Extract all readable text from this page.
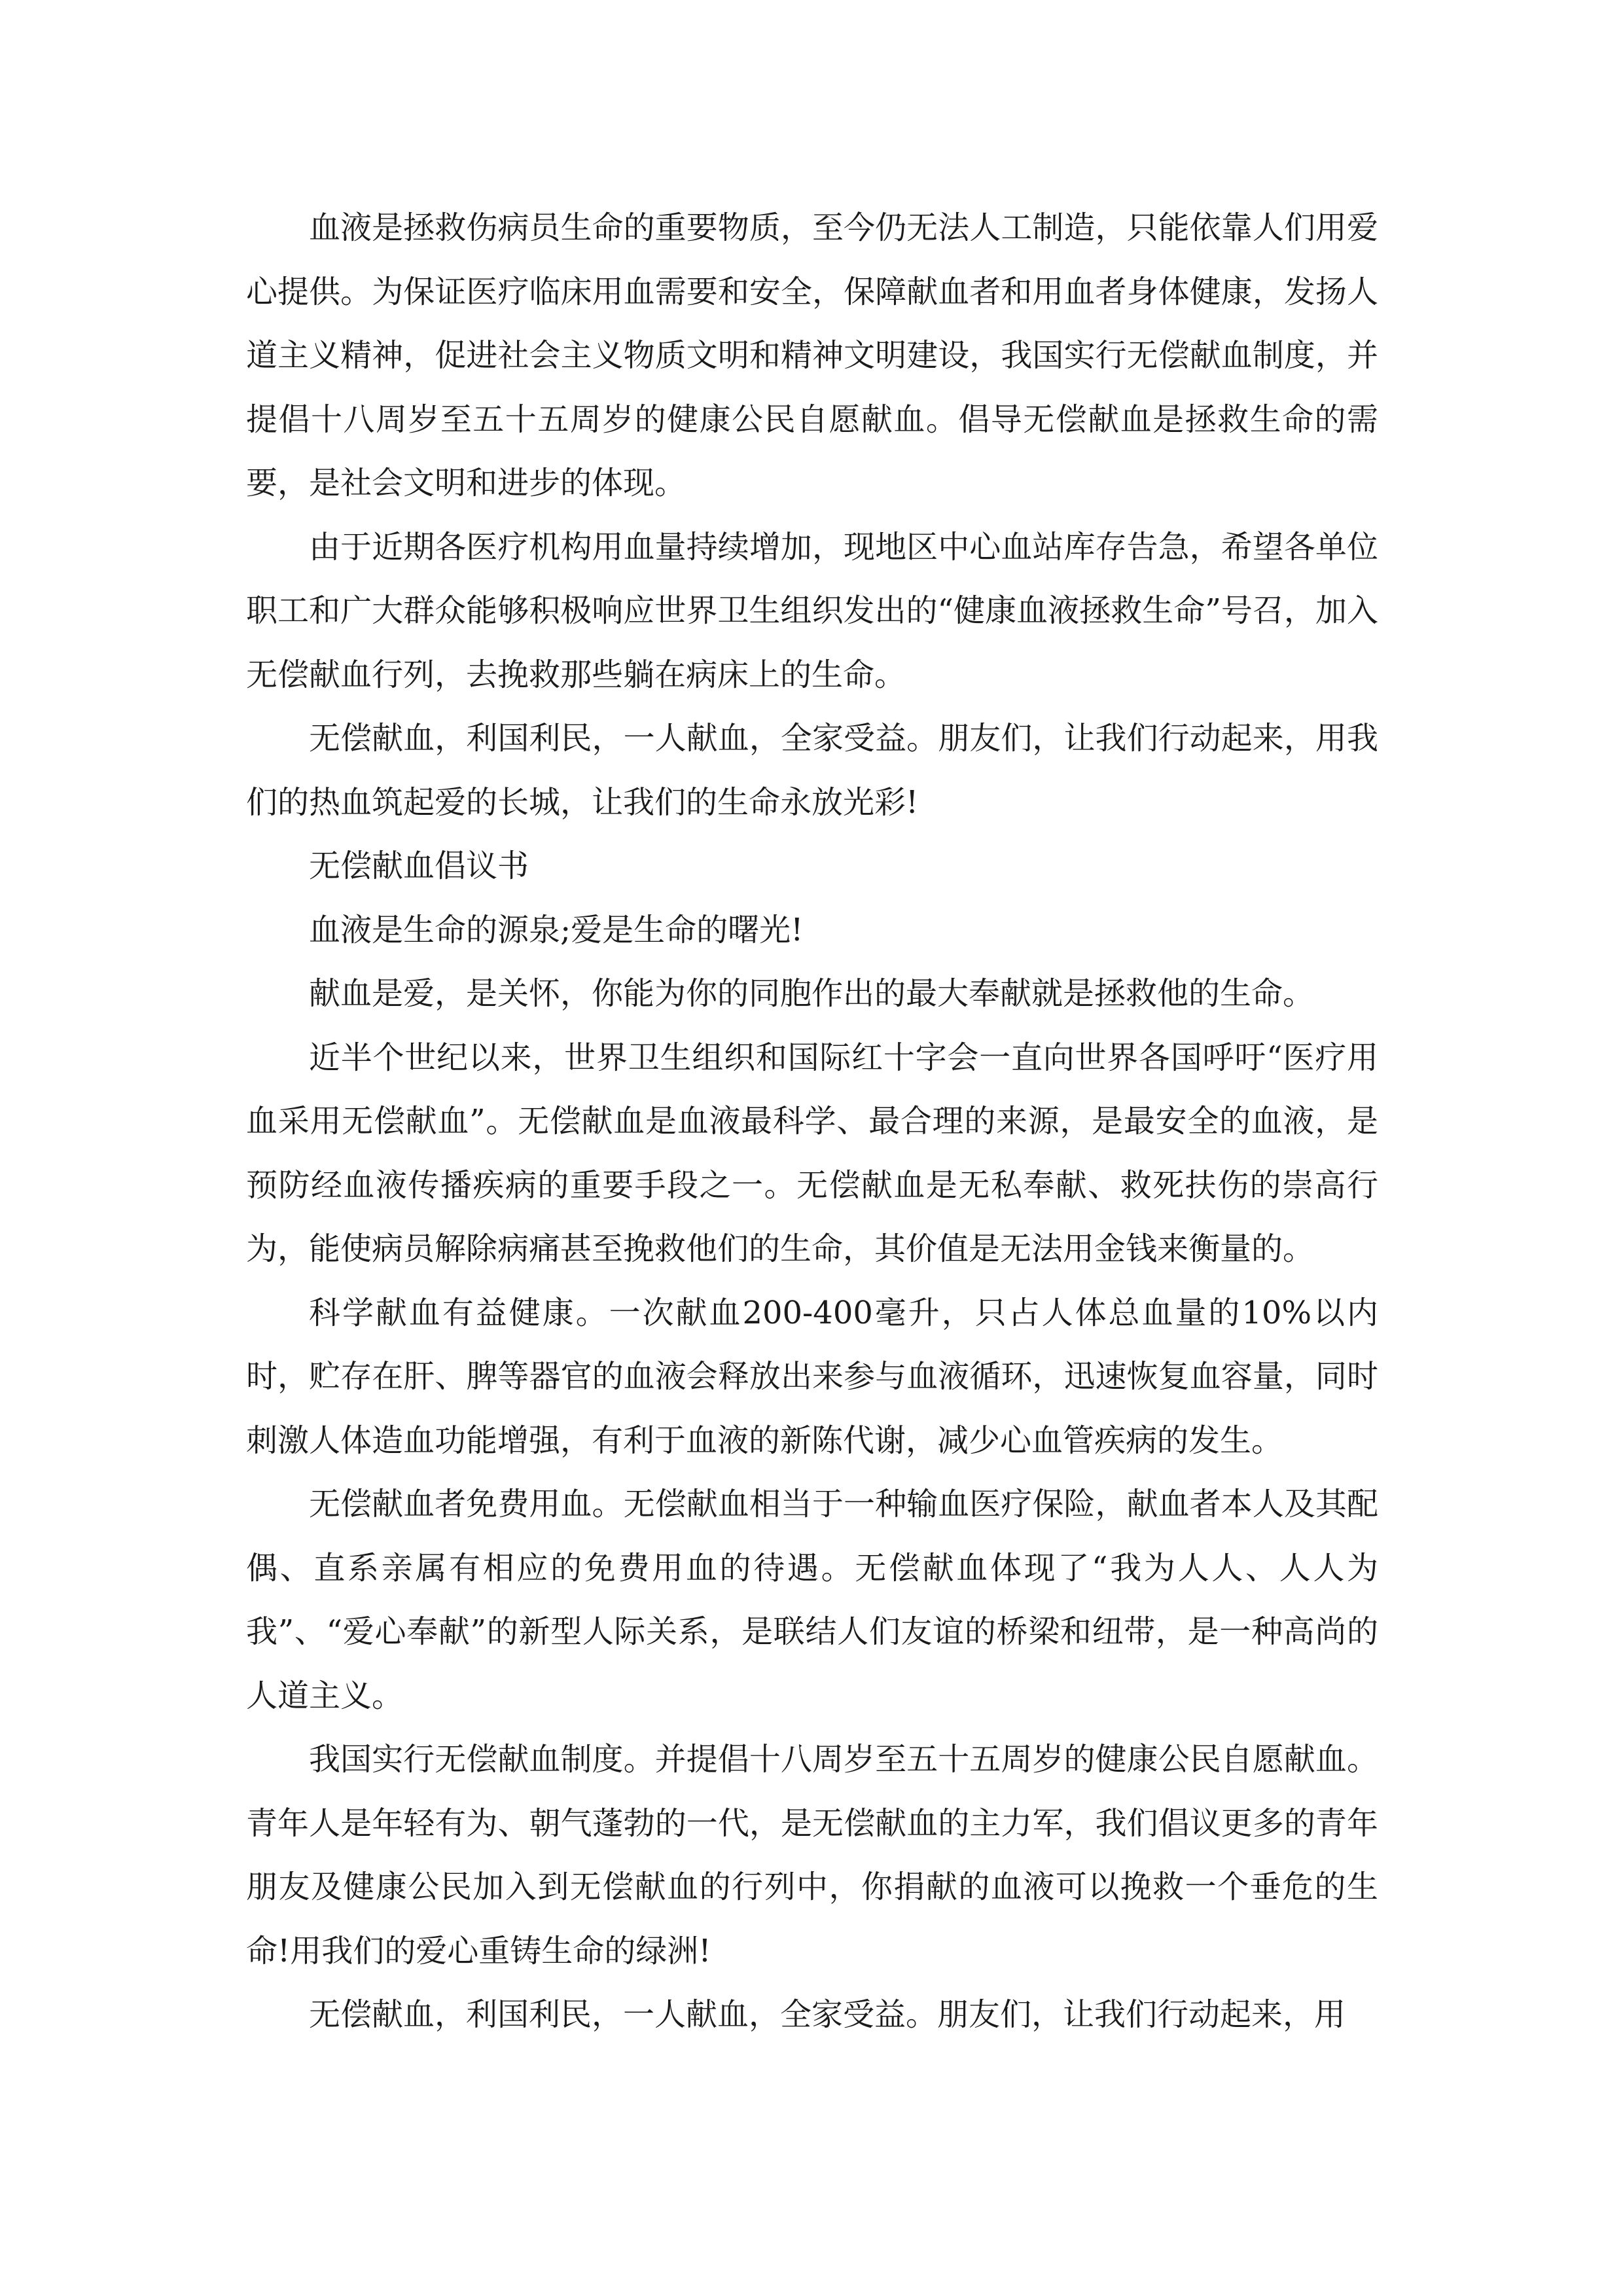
血液是拯救伤病员生命的重要物质，至今仍无法人工制造，只能依靠人们用爱心提供。为保证医疗临床用血需要和安全，保障献血者和用血者身体健康，发扬人道主义精神，促进社会主义物质文明和精神文明建设，我国实行无偿献血制度，并提倡十八周岁至五十五周岁的健康公民自愿献血。倡导无偿献血是拯救生命的需要，是社会文明和进步的体现。

由于近期各医疗机构用血量持续增加，现地区中心血站库存告急，希望各单位职工和广大群众能够积极响应世界卫生组织发出的“健康血液拯救生命”号召，加入无偿献血行列，去挽救那些躺在病床上的生命。

无偿献血，利国利民，一人献血，全家受益。朋友们，让我们行动起来，用我们的热血筑起爱的长城，让我们的生命永放光彩!

无偿献血倡议书

血液是生命的源泉;爱是生命的曙光!

献血是爱，是关怀，你能为你的同胞作出的最大奉献就是拯救他的生命。

近半个世纪以来，世界卫生组织和国际红十字会一直向世界各国呼吁“医疗用血采用无偿献血”。无偿献血是血液最科学、最合理的来源，是最安全的血液，是预防经血液传播疾病的重要手段之一。无偿献血是无私奉献、救死扶伤的崇高行为，能使病员解除病痛甚至挽救他们的生命，其价值是无法用金钱来衡量的。

科学献血有益健康。一次献血200-400毫升，只占人体总血量的10%以内时，贮存在肝、脾等器官的血液会释放出来参与血液循环，迅速恢复血容量，同时刺激人体造血功能增强，有利于血液的新陈代谢，减少心血管疾病的发生。

无偿献血者免费用血。无偿献血相当于一种输血医疗保险，献血者本人及其配偶、直系亲属有相应的免费用血的待遇。无偿献血体现了“我为人人、人人为我”、“爱心奉献”的新型人际关系，是联结人们友谊的桥梁和纽带，是一种高尚的人道主义。

我国实行无偿献血制度。并提倡十八周岁至五十五周岁的健康公民自愿献血。青年人是年轻有为、朝气蓬勃的一代，是无偿献血的主力军，我们倡议更多的青年朋友及健康公民加入到无偿献血的行列中，你捐献的血液可以挽救一个垂危的生命!用我们的爱心重铸生命的绿洲!

无偿献血，利国利民，一人献血，全家受益。朋友们，让我们行动起来，用
